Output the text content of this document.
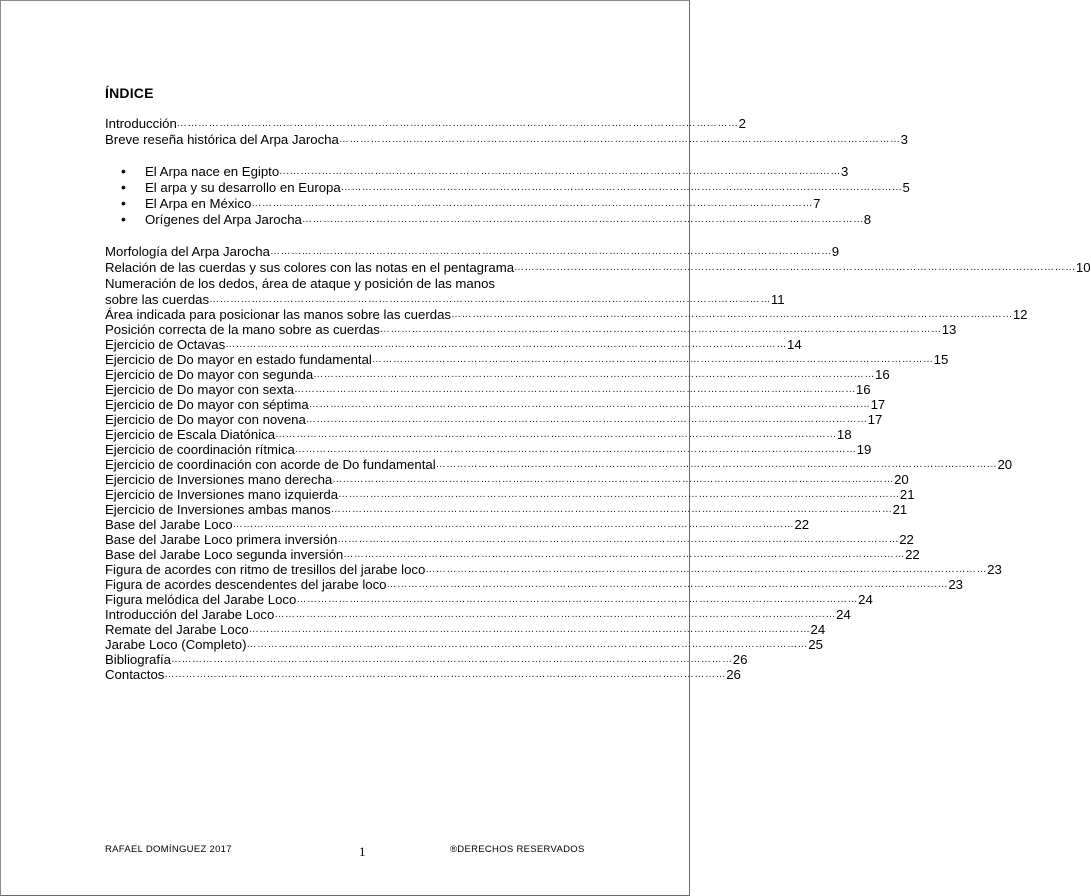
ÍNDICE
Introducción …………………………………………………………………………………………………………………………………………… 2
Breve reseña histórica del Arpa Jarocha …………………………………………………………………………………………………………………………………………… 3
•	El Arpa nace en Egipto …………………………………………………………………………………………………………………………………………… 3
•	El arpa y su desarrollo en Europa …………………………………………………………………………………………………………………………………………… 5
•	El Arpa en México …………………………………………………………………………………………………………………………………………… 7
•	Orígenes del Arpa Jarocha …………………………………………………………………………………………………………………………………………… 8
Morfología del Arpa Jarocha …………………………………………………………………………………………………………………………………………… 9
Relación de las cuerdas y sus colores con las notas en el pentagrama …………………………………………………………………………………………………………………………………………… 10
Numeración de los dedos, área de ataque y posición de las manos
sobre las cuerdas …………………………………………………………………………………………………………………………………………… 11
Área indicada para posicionar las manos sobre las cuerdas …………………………………………………………………………………………………………………………………………… 12
Posición correcta de la mano sobre as cuerdas …………………………………………………………………………………………………………………………………………… 13
Ejercicio de Octavas …………………………………………………………………………………………………………………………………………… 14
Ejercicio de Do mayor en estado fundamental …………………………………………………………………………………………………………………………………………… 15
Ejercicio de Do mayor con segunda …………………………………………………………………………………………………………………………………………… 16
Ejercicio de Do mayor con sexta …………………………………………………………………………………………………………………………………………… 16
Ejercicio de Do mayor con séptima …………………………………………………………………………………………………………………………………………… 17
Ejercicio de Do mayor con novena …………………………………………………………………………………………………………………………………………… 17
Ejercicio de Escala Diatónica …………………………………………………………………………………………………………………………………………… 18
Ejercicio de coordinación rítmica …………………………………………………………………………………………………………………………………………… 19
Ejercicio de coordinación con acorde de Do fundamental …………………………………………………………………………………………………………………………………………… 20
Ejercicio de Inversiones mano derecha …………………………………………………………………………………………………………………………………………… 20
Ejercicio de Inversiones mano izquierda …………………………………………………………………………………………………………………………………………… 21
Ejercicio de Inversiones ambas manos …………………………………………………………………………………………………………………………………………… 21
Base del Jarabe Loco …………………………………………………………………………………………………………………………………………… 22
Base del Jarabe Loco primera inversión …………………………………………………………………………………………………………………………………………… 22
Base del Jarabe Loco segunda inversión …………………………………………………………………………………………………………………………………………… 22
Figura de acordes con ritmo de tresillos del jarabe loco …………………………………………………………………………………………………………………………………………… 23
Figura de acordes descendentes del jarabe loco …………………………………………………………………………………………………………………………………………… 23
Figura melódica del Jarabe Loco …………………………………………………………………………………………………………………………………………… 24
Introducción del Jarabe Loco …………………………………………………………………………………………………………………………………………… 24
Remate del Jarabe Loco …………………………………………………………………………………………………………………………………………… 24
Jarabe Loco (Completo) …………………………………………………………………………………………………………………………………………… 25
Bibliografía …………………………………………………………………………………………………………………………………………… 26
Contactos …………………………………………………………………………………………………………………………………………… 26
RAFAEL DOMÍNGUEZ 2017	1	®DERECHOS RESERVADOS
